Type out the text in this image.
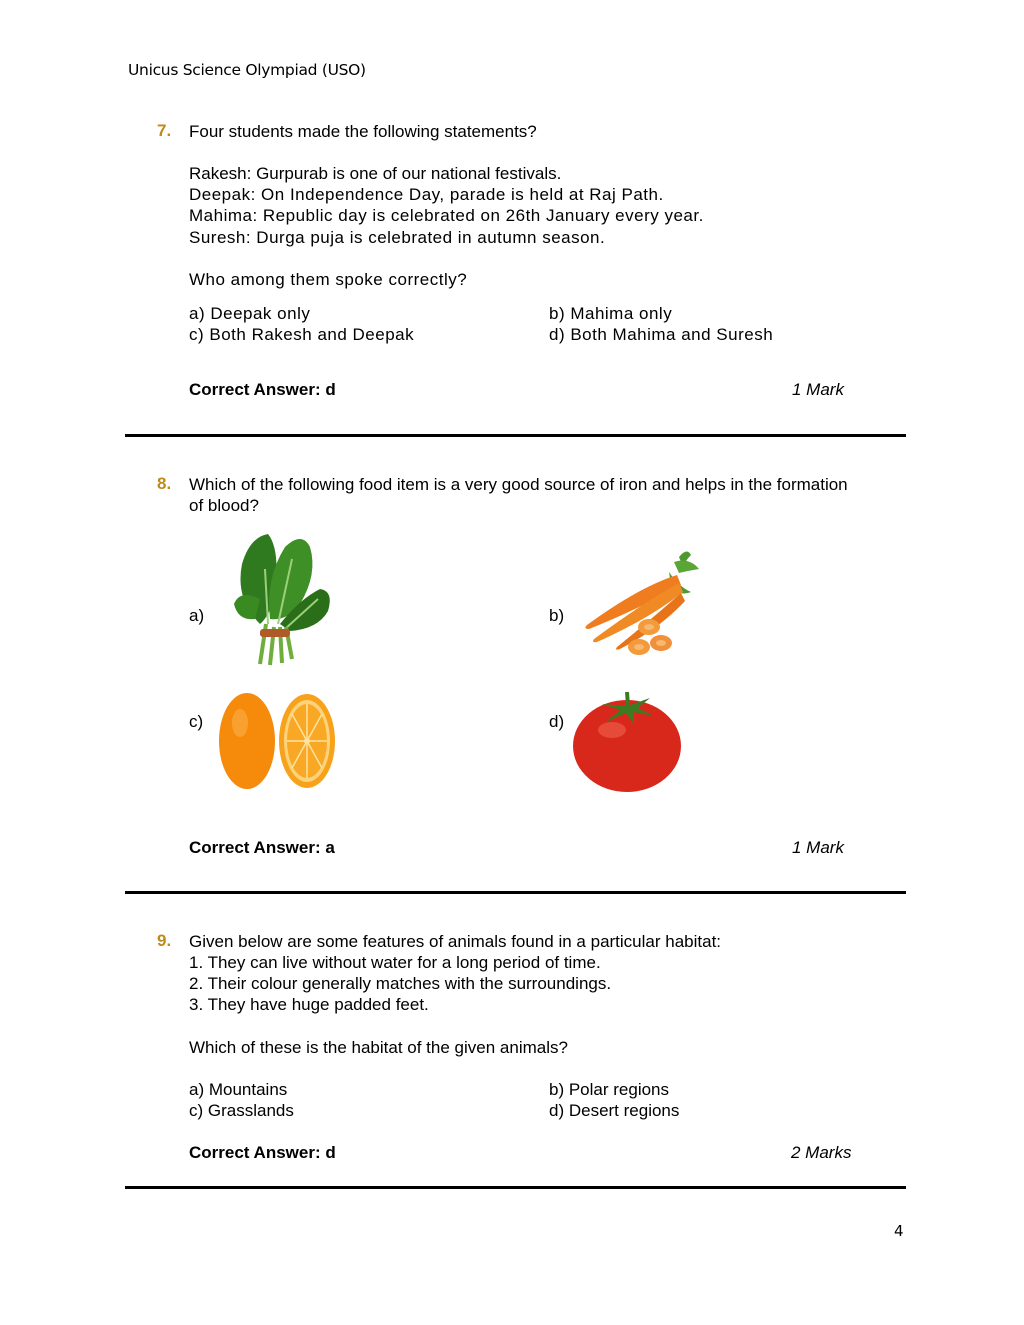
Unicus Science Olympiad (USO)
7. Four students made the following statements?
Rakesh: Gurpurab is one of our national festivals.
Deepak: On Independence Day, parade is held at Raj Path.
Mahima: Republic day is celebrated on 26th January every year.
Suresh: Durga puja is celebrated in autumn season.
Who among them spoke correctly?
a) Deepak only	b) Mahima only
c) Both Rakesh and Deepak	d) Both Mahima and Suresh
Correct Answer: d	1 Mark
8. Which of the following food item is a very good source of iron and helps in the formation
of blood?
a)	b)
c)	d)
Correct Answer: a	1 Mark
9. Given below are some features of animals found in a particular habitat:
1. They can live without water for a long period of time.
2. Their colour generally matches with the surroundings.
3. They have huge padded feet.
Which of these is the habitat of the given animals?
a) Mountains	b) Polar regions
c) Grasslands	d) Desert regions
Correct Answer: d	2 Marks
4
